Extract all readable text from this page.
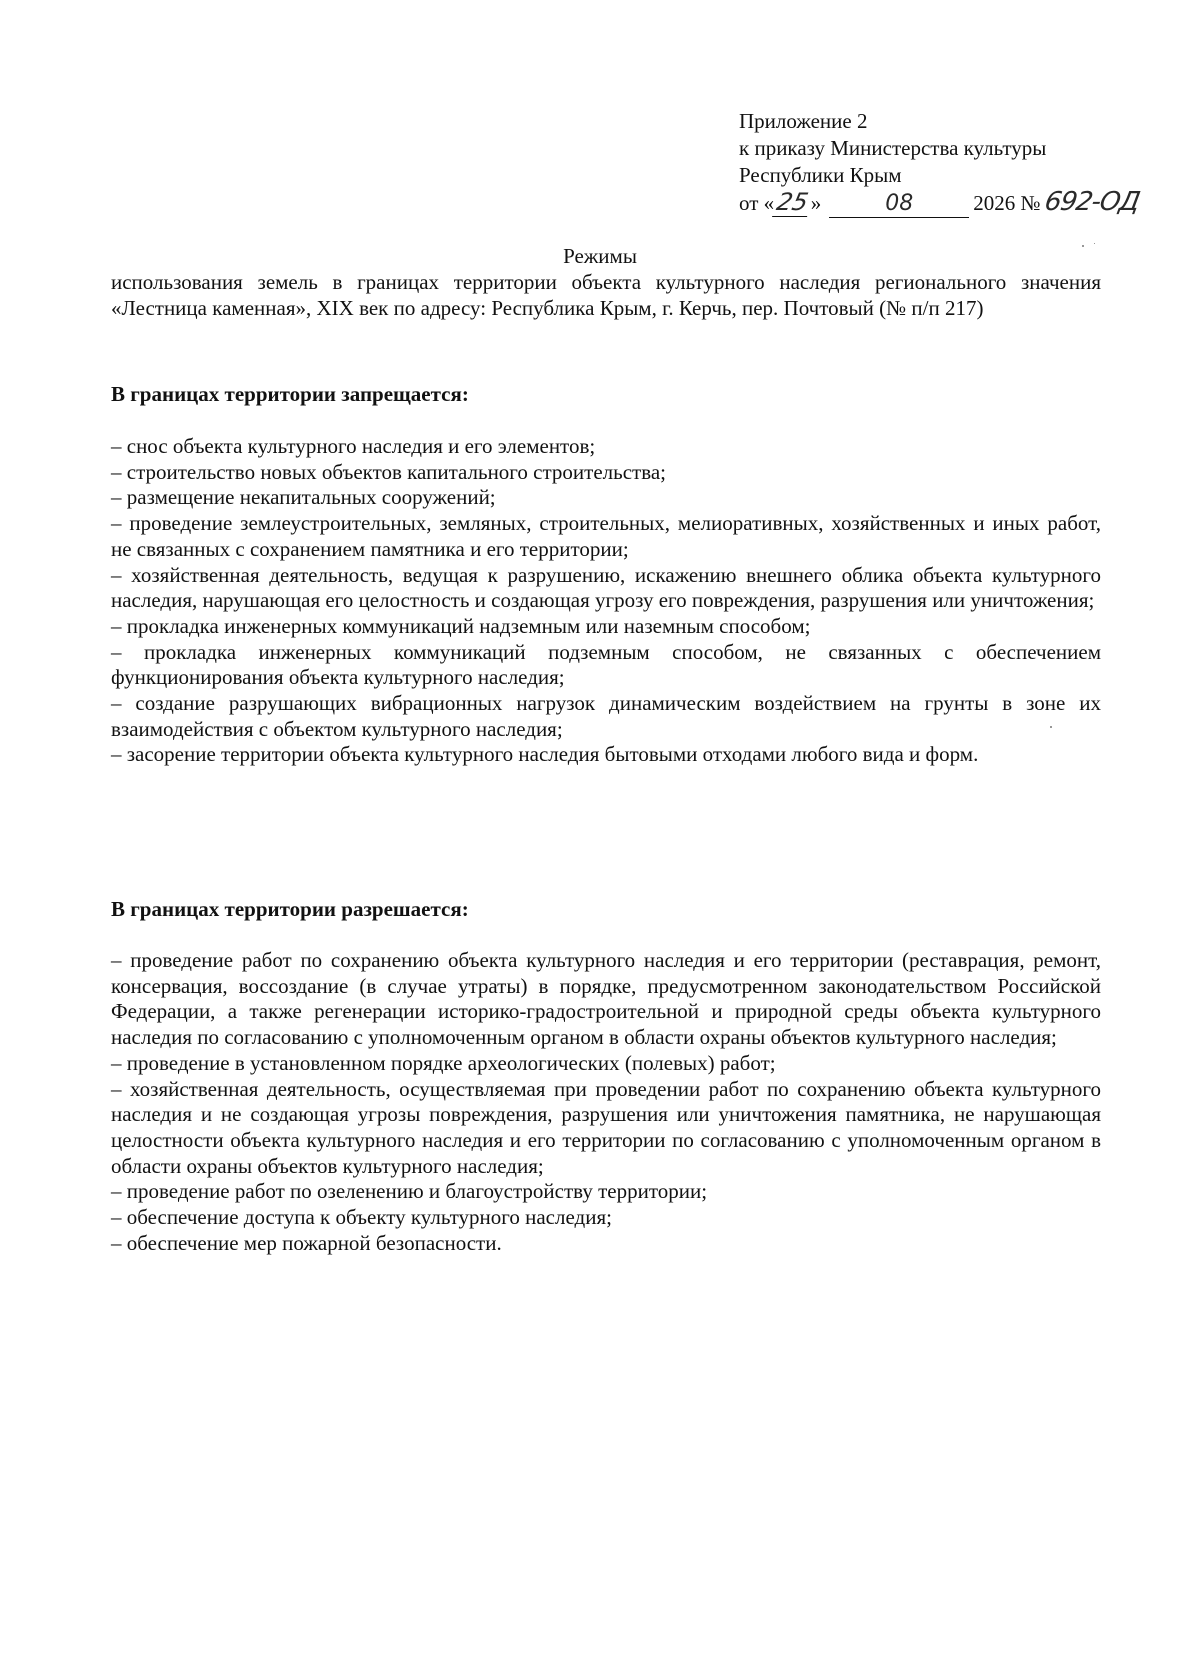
Приложение 2
к приказу Министерства культуры
Республики Крым
от «25»	08	2026 №692-ОД
Режимы
использования земель в границах территории объекта культурного наследия регионального значения «Лестница каменная», XIX век по адресу: Республика Крым, г. Керчь, пер. Почтовый (№ п/п 217)
В границах территории запрещается:

– снос объекта культурного наследия и его элементов;

– строительство новых объектов капитального строительства;

– размещение некапитальных сооружений;

– проведение землеустроительных, земляных, строительных, мелиоративных, хозяйственных и иных работ, не связанных с сохранением памятника и его территории;

– хозяйственная деятельность, ведущая к разрушению, искажению внешнего облика объекта культурного наследия, нарушающая его целостность и создающая угрозу его повреждения, разрушения или уничтожения;

– прокладка инженерных коммуникаций надземным или наземным способом;

– прокладка инженерных коммуникаций подземным способом, не связанных с обеспечением функционирования объекта культурного наследия;

– создание разрушающих вибрационных нагрузок динамическим воздействием на грунты в зоне их взаимодействия с объектом культурного наследия;

– засорение территории объекта культурного наследия бытовыми отходами любого вида и форм.

В границах территории разрешается:

– проведение работ по сохранению объекта культурного наследия и его территории (реставрация, ремонт, консервация, воссоздание (в случае утраты) в порядке, предусмотренном законодательством Российской Федерации, а также регенерации историко-градостроительной и природной среды объекта культурного наследия по согласованию с уполномоченным органом в области охраны объектов культурного наследия;

– проведение в установленном порядке археологических (полевых) работ;

– хозяйственная деятельность, осуществляемая при проведении работ по сохранению объекта культурного наследия и не создающая угрозы повреждения, разрушения или уничтожения памятника, не нарушающая целостности объекта культурного наследия и его территории по согласованию с уполномоченным органом в области охраны объектов культурного наследия;

– проведение работ по озеленению и благоустройству территории;

– обеспечение доступа к объекту культурного наследия;

– обеспечение мер пожарной безопасности.
